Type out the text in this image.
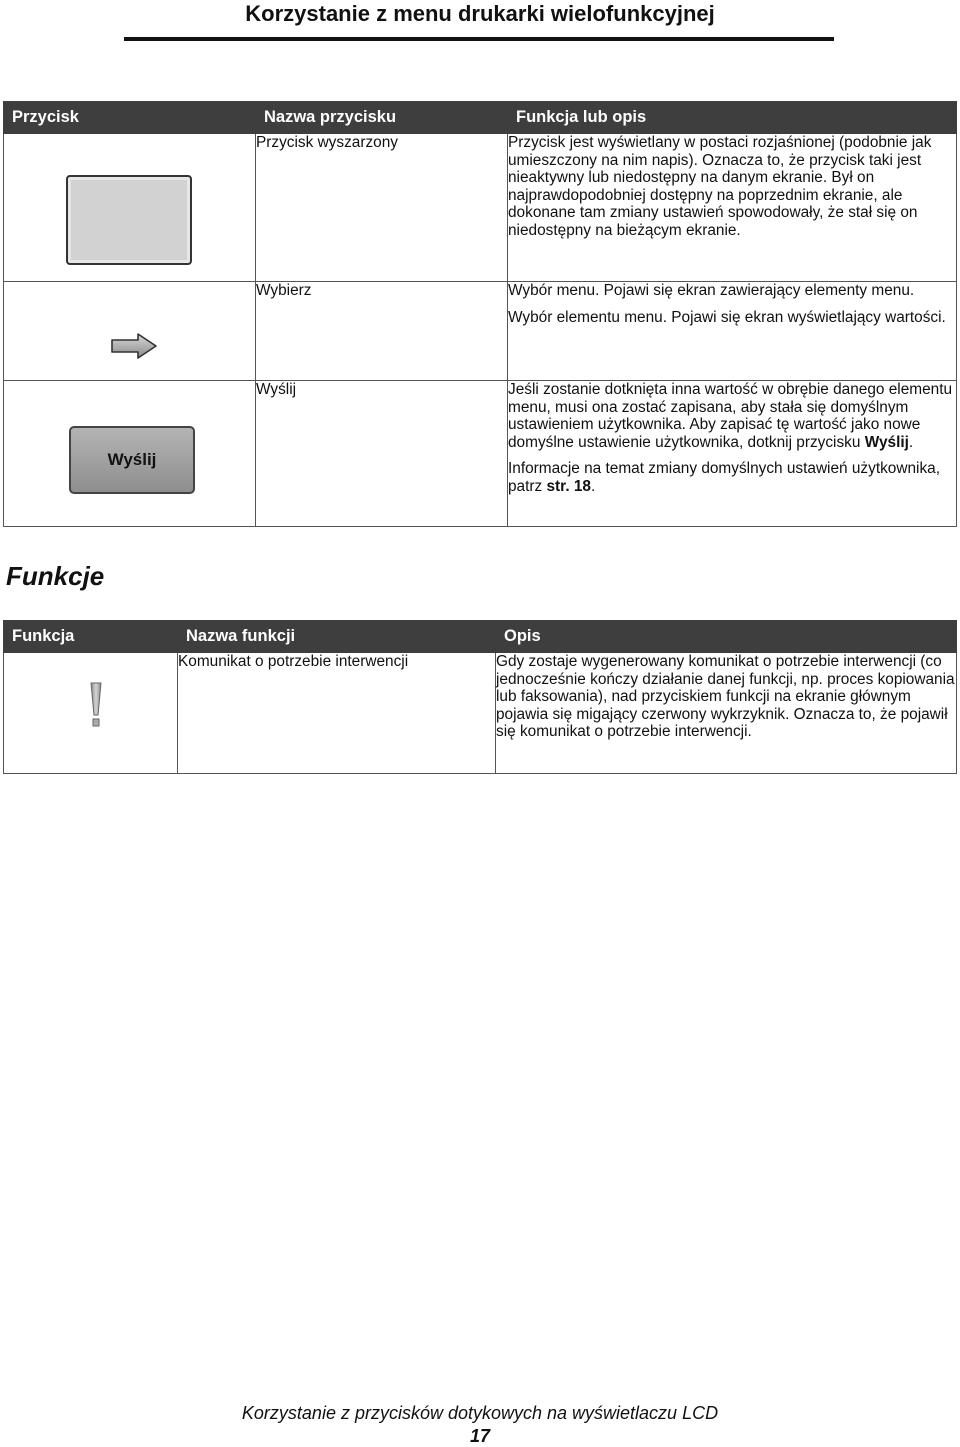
Korzystanie z menu drukarki wielofunkcyjnej
Przycisk	Nazwa przycisku	Funkcja lub opis

	Przycisk wyszarzony	Przycisk jest wyświetlany w postaci rozjaśnionej (podobnie jak umieszczony na nim napis). Oznacza to, że przycisk taki jest nieaktywny lub niedostępny na danym ekranie. Był on najprawdopodobniej dostępny na poprzednim ekranie, ale dokonane tam zmiany ustawień spowodowały, że stał się on niedostępny na bieżącym ekranie.

	Wybierz	Wybór menu. Pojawi się ekran zawierający elementy menu.

Wybór elementu menu. Pojawi się ekran wyświetlający wartości.

Wyślij	Wyślij	Jeśli zostanie dotknięta inna wartość w obrębie danego elementu menu, musi ona zostać zapisana, aby stała się domyślnym ustawieniem użytkownika. Aby zapisać tę wartość jako nowe domyślne ustawienie użytkownika, dotknij przycisku Wyślij.

Informacje na temat zmiany domyślnych ustawień użytkownika, patrz str. 18.

Funkcje
Funkcja	Nazwa funkcji	Opis

	Komunikat o potrzebie interwencji	Gdy zostaje wygenerowany komunikat o potrzebie interwencji (co jednocześnie kończy działanie danej funkcji, np. proces kopiowania lub faksowania), nad przyciskiem funkcji na ekranie głównym pojawia się migający czerwony wykrzyknik. Oznacza to, że pojawił się komunikat o potrzebie interwencji.

Korzystanie z przycisków dotykowych na wyświetlaczu LCD
17
